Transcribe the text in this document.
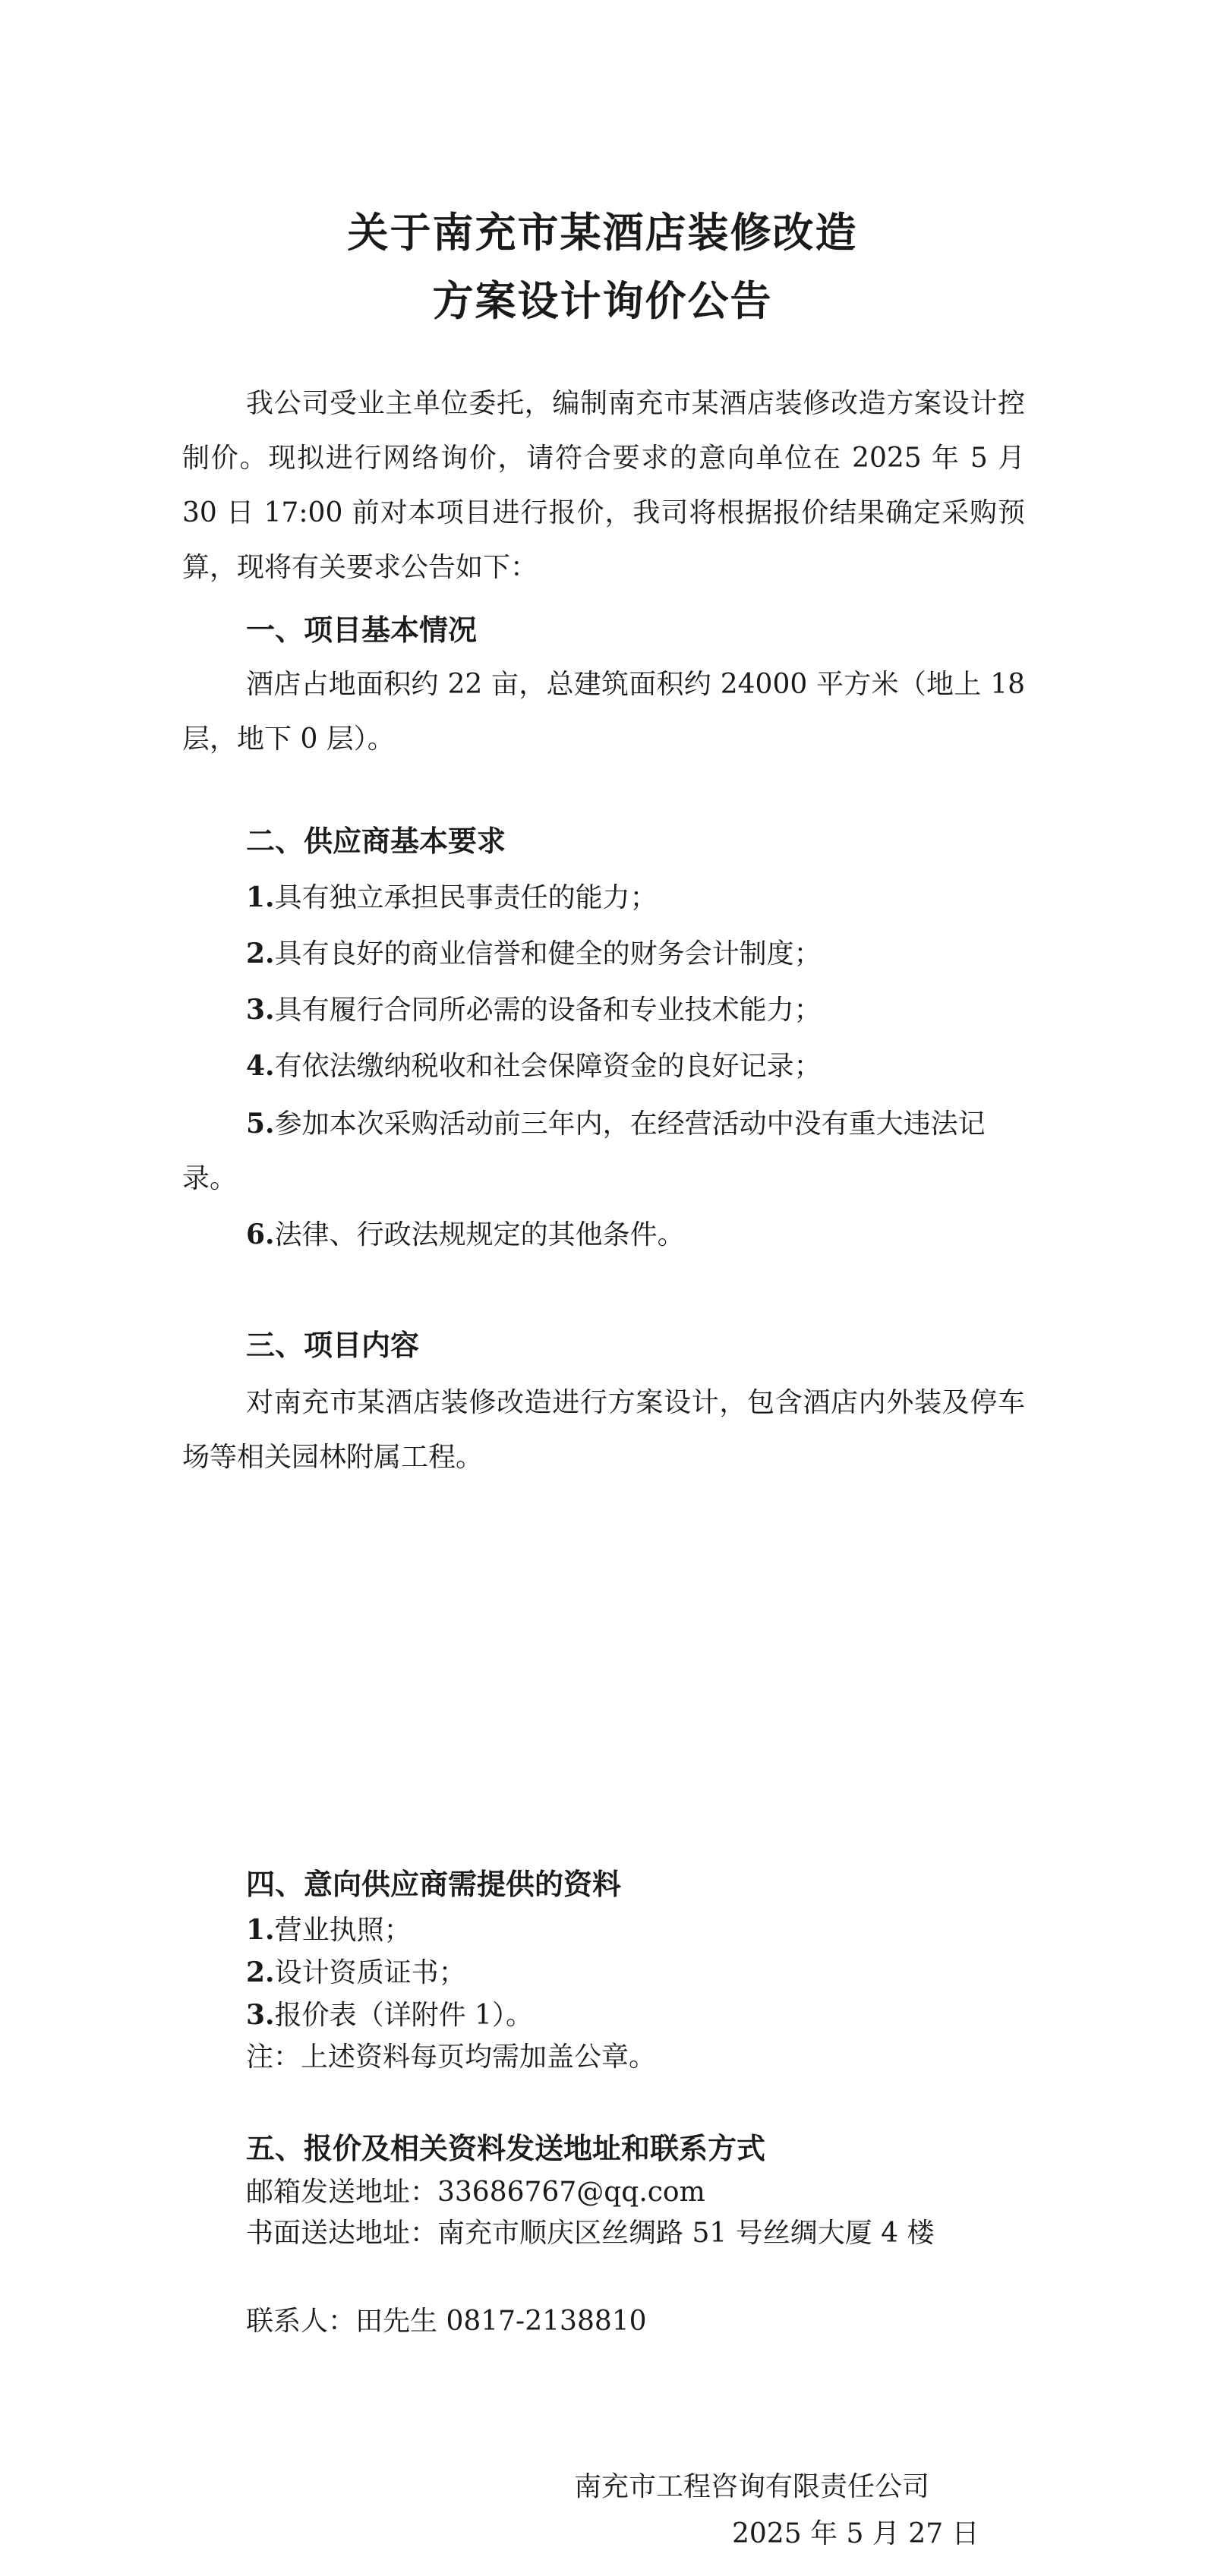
关于南充市某酒店装修改造
方案设计询价公告
我公司受业主单位委托，编制南充市某酒店装修改造方案设计控制价。现拟进行网络询价，请符合要求的意向单位在 2025 年 5 月 30 日 17:00 前对本项目进行报价，我司将根据报价结果确定采购预算，现将有关要求公告如下：
一、项目基本情况
酒店占地面积约 22 亩，总建筑面积约 24000 平方米（地上 18 层，地下 0 层）。
二、供应商基本要求
1.具有独立承担民事责任的能力；
2.具有良好的商业信誉和健全的财务会计制度；
3.具有履行合同所必需的设备和专业技术能力；
4.有依法缴纳税收和社会保障资金的良好记录；
5.参加本次采购活动前三年内，在经营活动中没有重大违法记录。
6.法律、行政法规规定的其他条件。
三、项目内容
对南充市某酒店装修改造进行方案设计，包含酒店内外装及停车场等相关园林附属工程。
四、意向供应商需提供的资料
1.营业执照；
2.设计资质证书；
3.报价表（详附件 1）。
注：上述资料每页均需加盖公章。
五、报价及相关资料发送地址和联系方式
邮箱发送地址：33686767@qq.com
书面送达地址：南充市顺庆区丝绸路 51 号丝绸大厦 4 楼
联系人：田先生 0817-2138810
南充市工程咨询有限责任公司
2025 年 5 月 27 日
